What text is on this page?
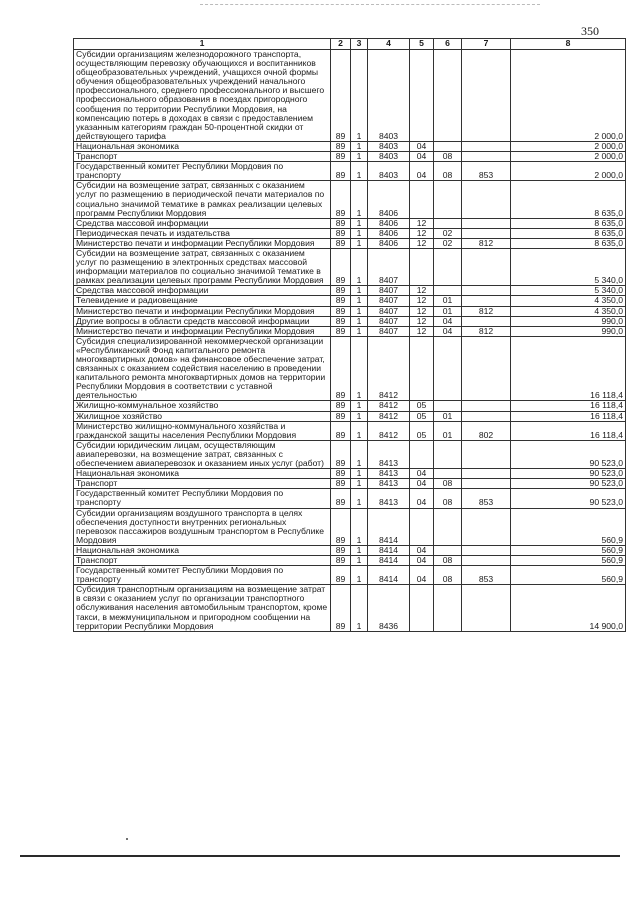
350
1	2	3	4	5	6	7	8
Субсидии организациям железнодорожного транспорта, осуществляющим перевозку обучающихся и воспитанников общеобразовательных учреждений, учащихся очной формы обучения общеобразовательных учреждений начального профессионального, среднего профессионального и высшего профессионального образования в поездах пригородного сообщения по территории Республики Мордовия, на компенсацию потерь в доходах в связи с предоставлением указанным категориям граждан 50-процентной скидки от действующего тарифа	89	1	8403				2 000,0
Национальная экономика	89	1	8403	04			2 000,0
Транспорт	89	1	8403	04	08		2 000,0
Государственный комитет Республики Мордовия по транспорту	89	1	8403	04	08	853	2 000,0
Субсидии на возмещение затрат, связанных с оказанием услуг по размещению в периодической печати материалов по социально значимой тематике в рамках реализации целевых программ Республики Мордовия	89	1	8406				8 635,0
Средства массовой информации	89	1	8406	12			8 635,0
Периодическая печать и издательства	89	1	8406	12	02		8 635,0
Министерство печати и информации Республики Мордовия	89	1	8406	12	02	812	8 635,0
Субсидии на возмещение затрат, связанных с оказанием услуг по размещению в электронных средствах массовой информации материалов по социально значимой тематике в рамках реализации целевых программ Республики Мордовия	89	1	8407				5 340,0
Средства массовой информации	89	1	8407	12			5 340,0
Телевидение и радиовещание	89	1	8407	12	01		4 350,0
Министерство печати и информации Республики Мордовия	89	1	8407	12	01	812	4 350,0
Другие вопросы в области средств массовой информации	89	1	8407	12	04		990,0
Министерство печати и информации Республики Мордовия	89	1	8407	12	04	812	990,0
Субсидия специализированной некоммерческой организации «Республиканский Фонд капитального ремонта многоквартирных домов» на финансовое обеспечение затрат, связанных с оказанием содействия населению в проведении капитального ремонта многоквартирных домов на территории Республики Мордовия в соответствии с уставной деятельностью	89	1	8412				16 118,4
Жилищно-коммунальное хозяйство	89	1	8412	05			16 118,4
Жилищное хозяйство	89	1	8412	05	01		16 118,4
Министерство жилищно-коммунального хозяйства и гражданской защиты населения Республики Мордовия	89	1	8412	05	01	802	16 118,4
Субсидии юридическим лицам, осуществляющим авиаперевозки, на возмещение затрат, связанных с обеспечением авиаперевозок и оказанием иных услуг (работ)	89	1	8413				90 523,0
Национальная экономика	89	1	8413	04			90 523,0
Транспорт	89	1	8413	04	08		90 523,0
Государственный комитет Республики Мордовия по транспорту	89	1	8413	04	08	853	90 523,0
Субсидии организациям воздушного транспорта в целях обеспечения доступности внутренних региональных перевозок пассажиров воздушным транспортом в Республике Мордовия	89	1	8414				560,9
Национальная экономика	89	1	8414	04			560,9
Транспорт	89	1	8414	04	08		560,9
Государственный комитет Республики Мордовия по транспорту	89	1	8414	04	08	853	560,9
Субсидия транспортным организациям на возмещение затрат в связи с оказанием услуг по организации транспортного обслуживания населения автомобильным транспортом, кроме такси, в межмуниципальном и пригородном сообщении на территории Республики Мордовия	89	1	8436				14 900,0
